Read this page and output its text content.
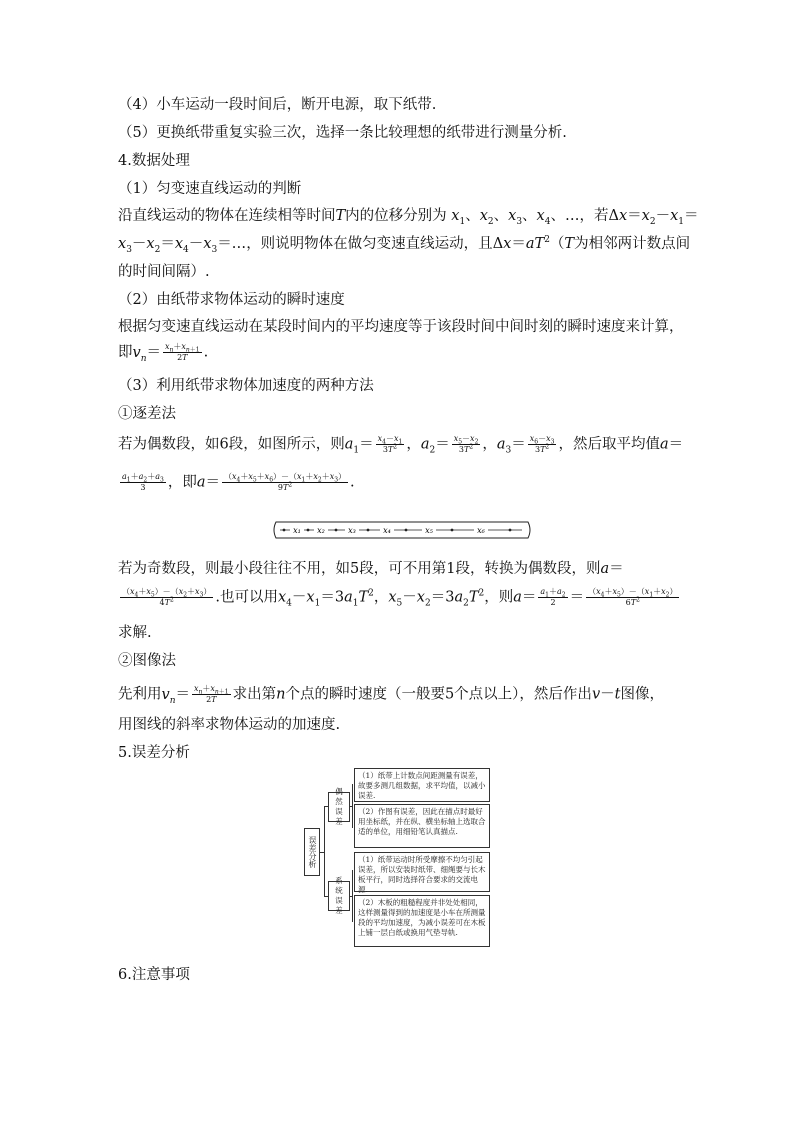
（4）小车运动一段时间后，断开电源，取下纸带.
（5）更换纸带重复实验三次，选择一条比较理想的纸带进行测量分析.
4.数据处理
（1）匀变速直线运动的判断
沿直线运动的物体在连续相等时间T内的位移分别为 $x_1$、$x_2$、$x_3$、$x_4$、…，若$\Delta x=x_2-x_1=$
$x_3-x_2=x_4-x_3=\dots$，则说明物体在做匀变速直线运动，且$\Delta x=aT^2(T$为相邻两计数点间
的时间间隔）.
（2）由纸带求物体运动的瞬时速度
根据匀变速直线运动在某段时间内的平均速度等于该段时间中间时刻的瞬时速度来计算，
即$v_n= \frac{x_n+x_{n+1}}{2T}$ .
（3）利用纸带求物体加速度的两种方法
①逐差法
若为偶数段，如6段，如图所示，则$a_1= \frac{x_4-x_1}{3T^2}$ ，$a_2= \frac{x_5-x_2}{3T^2}$ ，$a_3= \frac{x_6-x_3}{3T^2}$ ，然后取平均值a＝
$\frac{a_1+a_2+a_3}{3}$ ，即$a= \frac{(x_4+x_5+x_6)-(x_1+x_2+x_3)}{9T^2}$ .
x₁ x₂	x₃	x₄	x₅	x₆
若为奇数段，则最小段往往不用，如5段，可不用第1段，转换为偶数段，则a＝
$\frac{(x_4+x_5)-(x_2+x_3)}{4T^2}$ .也可以用$x_4-x_1=3a_1T^2$，$x_5-x_2=3a_2T^2$，则$a= \frac{a_1+a_2}{2} = \frac{(x_4+x_5)-(x_1+x_2)}{6T^2}$
求解.
②图像法
先利用$v_n= \frac{x_n+x_{n+1}}{2T}$ 求出第n个点的瞬时速度（一般要5个点以上），然后作出v－t图像，
用图线的斜率求物体运动的加速度.
5.误差分析
误差分析
偶然误差
系统误差
（1）纸带上计数点间距测量有误差，故要多测几组数据，求平均值，以减小误差.
（2）作图有误差，因此在描点时最好用坐标纸，并在纵、横坐标轴上选取合适的单位，用细铅笔认真描点.
（1）纸带运动时所受摩擦不均匀引起误差，所以安装时纸带、细绳要与长木板平行，同时选择符合要求的交流电源.
（2）木板的粗糙程度并非处处相同，这样测量得到的加速度是小车在所测量段的平均加速度，为减小误差可在木板上铺一层白纸或换用气垫导轨.
6.注意事项
